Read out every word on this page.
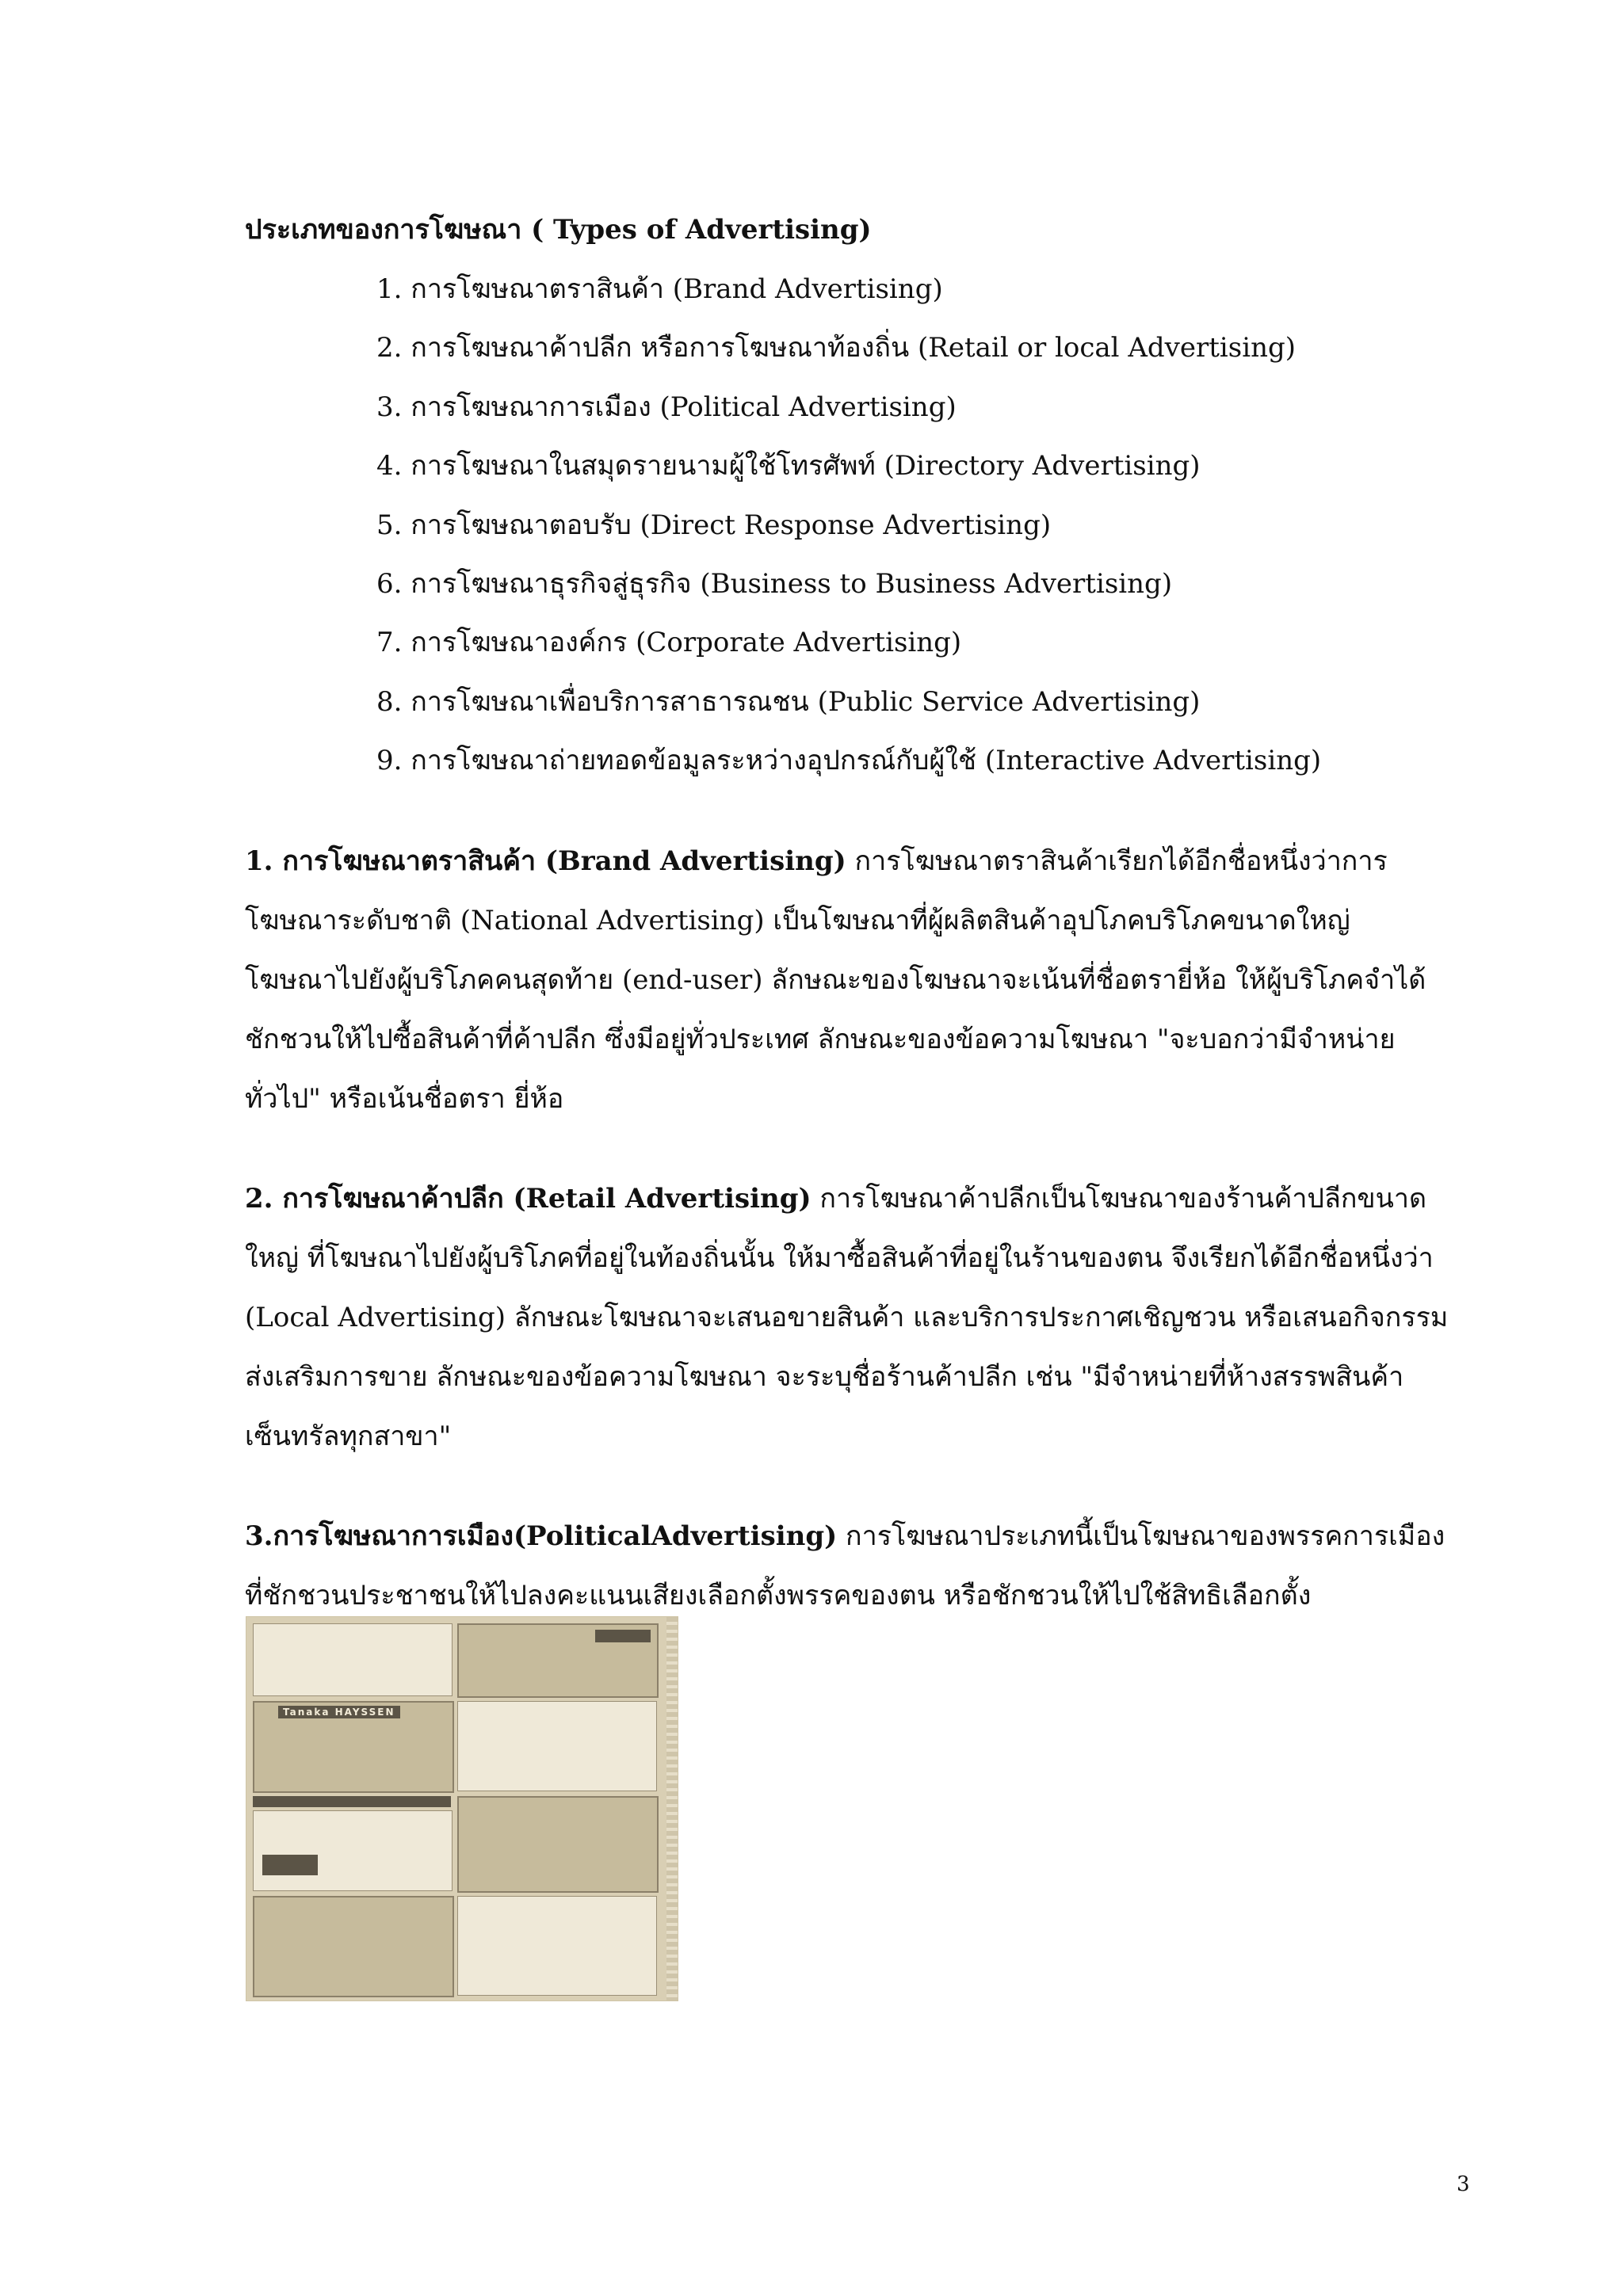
ประเภทของการโฆษณา ( Types of Advertising)
1. การโฆษณาตราสินค้า (Brand Advertising)
2. การโฆษณาค้าปลีก หรือการโฆษณาท้องถิ่น (Retail or local Advertising)
3. การโฆษณาการเมือง (Political Advertising)
4. การโฆษณาในสมุดรายนามผู้ใช้โทรศัพท์ (Directory Advertising)
5. การโฆษณาตอบรับ (Direct Response Advertising)
6. การโฆษณาธุรกิจสู่ธุรกิจ (Business to Business Advertising)
7. การโฆษณาองค์กร (Corporate Advertising)
8. การโฆษณาเพื่อบริการสาธารณชน (Public Service Advertising)
9. การโฆษณาถ่ายทอดข้อมูลระหว่างอุปกรณ์กับผู้ใช้ (Interactive Advertising)

1. การโฆษณาตราสินค้า (Brand Advertising) การโฆษณาตราสินค้าเรียกได้อีกชื่อหนึ่งว่าการโฆษณาระดับชาติ (National Advertising) เป็นโฆษณาที่ผู้ผลิตสินค้าอุปโภคบริโภคขนาดใหญ่ โฆษณาไปยังผู้บริโภคคนสุดท้าย (end-user) ลักษณะของโฆษณาจะเน้นที่ชื่อตรายี่ห้อ ให้ผู้บริโภคจำได้ ชักชวนให้ไปซื้อสินค้าที่ค้าปลีก ซึ่งมีอยู่ทั่วประเทศ ลักษณะของข้อความโฆษณา "จะบอกว่ามีจำหน่ายทั่วไป" หรือเน้นชื่อตรา ยี่ห้อ

2. การโฆษณาค้าปลีก (Retail Advertising) การโฆษณาค้าปลีกเป็นโฆษณาของร้านค้าปลีกขนาดใหญ่ ที่โฆษณาไปยังผู้บริโภคที่อยู่ในท้องถิ่นนั้น ให้มาซื้อสินค้าที่อยู่ในร้านของตน จึงเรียกได้อีกชื่อหนึ่งว่า (Local Advertising) ลักษณะโฆษณาจะเสนอขายสินค้า และบริการประกาศเชิญชวน หรือเสนอกิจกรรมส่งเสริมการขาย ลักษณะของข้อความโฆษณา จะระบุชื่อร้านค้าปลีก เช่น "มีจำหน่ายที่ห้างสรรพสินค้าเซ็นทรัลทุกสาขา"

3.การโฆษณาการเมือง(PoliticalAdvertising) การโฆษณาประเภทนี้เป็นโฆษณาของพรรคการเมืองที่ชักชวนประชาชนให้ไปลงคะแนนเสียงเลือกตั้งพรรคของตน หรือชักชวนให้ไปใช้สิทธิเลือกตั้ง

Tanaka HAYSSEN
3
